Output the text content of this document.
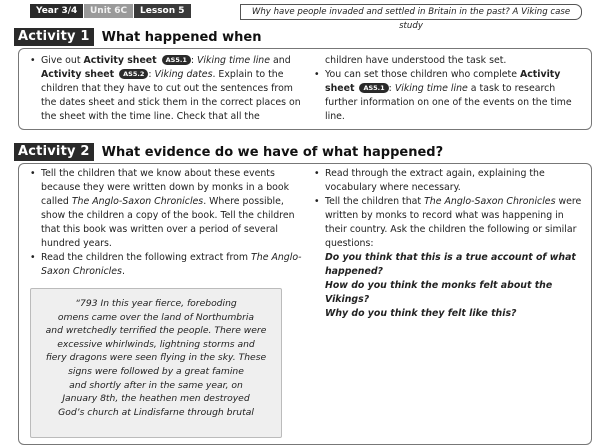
Year 3/4	Unit 6C	Lesson 5	Why have people invaded and settled in Britain in the past? A Viking case study
Activity 1 What happened when
• Give out Activity sheet AS5.1 : Viking time line and Activity sheet AS5.2 : Viking dates. Explain to the children that they have to cut out the sentences from the dates sheet and stick them in the correct places on the sheet with the time line. Check that all the
children have understood the task set.
• You can set those children who complete Activity sheet AS5.1 : Viking time line a task to research further information on one of the events on the time line.
Activity 2 What evidence do we have of what happened?
• Tell the children that we know about these events because they were written down by monks in a book called The Anglo-Saxon Chronicles. Where possible, show the children a copy of the book. Tell the children that this book was written over a period of several hundred years.
• Read the children the following extract from The Anglo-Saxon Chronicles.
“793 In this year fierce, foreboding
omens came over the land of Northumbria
and wretchedly terrified the people. There were
excessive whirlwinds, lightning storms and
fiery dragons were seen flying in the sky. These
signs were followed by a great famine
and shortly after in the same year, on
January 8th, the heathen men destroyed
God’s church at Lindisfarne through brutal
• Read through the extract again, explaining the vocabulary where necessary.
• Tell the children that The Anglo-Saxon Chronicles were written by monks to record what was happening in their country. Ask the children the following or similar questions:
Do you think that this is a true account of what happened?
How do you think the monks felt about the Vikings?
Why do you think they felt like this?
